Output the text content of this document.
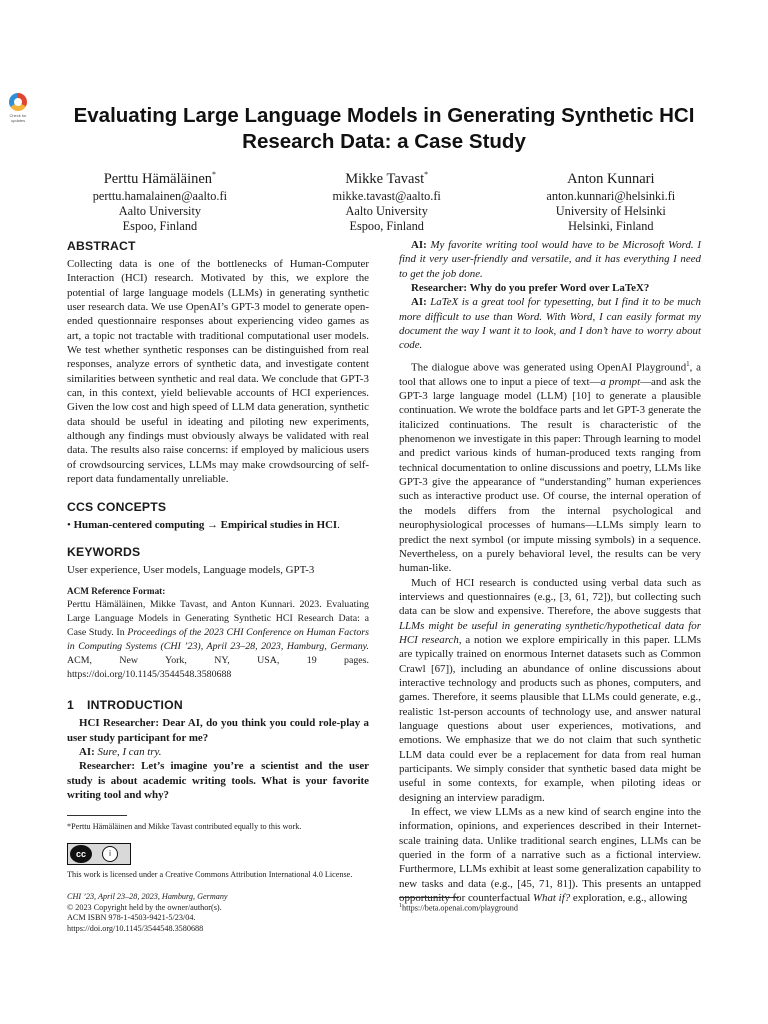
Check for updates	Evaluating Large Language Models in Generating Synthetic HCI Research Data: a Case Study
Perttu Hämäläinen*
perttu.hamalainen@aalto.fi
Aalto University
Espoo, Finland
Mikke Tavast*
mikke.tavast@aalto.fi
Aalto University
Espoo, Finland
Anton Kunnari
anton.kunnari@helsinki.fi
University of Helsinki
Helsinki, Finland
ABSTRACT

Collecting data is one of the bottlenecks of Human-Computer Interaction (HCI) research. Motivated by this, we explore the potential of large language models (LLMs) in generating synthetic user research data. We use OpenAI’s GPT-3 model to generate open-ended questionnaire responses about experiencing video games as art, a topic not tractable with traditional computational user models. We test whether synthetic responses can be distinguished from real responses, analyze errors of synthetic data, and investigate content similarities between synthetic and real data. We conclude that GPT-3 can, in this context, yield believable accounts of HCI experiences. Given the low cost and high speed of LLM data generation, synthetic data should be useful in ideating and piloting new experiments, although any findings must obviously always be validated with real data. The results also raise concerns: if employed by malicious users of crowdsourcing services, LLMs may make crowdsourcing of self-report data fundamentally unreliable.

CCS CONCEPTS

• Human-centered computing → Empirical studies in HCI.

KEYWORDS

User experience, User models, Language models, GPT-3

ACM Reference Format:
Perttu Hämäläinen, Mikke Tavast, and Anton Kunnari. 2023. Evaluating Large Language Models in Generating Synthetic HCI Research Data: a Case Study. In Proceedings of the 2023 CHI Conference on Human Factors in Computing Systems (CHI ’23), April 23–28, 2023, Hamburg, Germany. ACM, New York, NY, USA, 19 pages. https://doi.org/10.1145/3544548.3580688
1 INTRODUCTION

HCI Researcher: Dear AI, do you think you could role-play a user study participant for me?

AI: Sure, I can try.

Researcher: Let’s imagine you’re a scientist and the user study is about academic writing tools. What is your favorite writing tool and why?

*Perttu Hämäläinen and Mikke Tavast contributed equally to this work.

cc	i

This work is licensed under a Creative Commons Attribution International 4.0 License.

CHI ’23, April 23–28, 2023, Hamburg, Germany
© 2023 Copyright held by the owner/author(s).
ACM ISBN 978-1-4503-9421-5/23/04.
https://doi.org/10.1145/3544548.3580688

AI: My favorite writing tool would have to be Microsoft Word. I find it very user-friendly and versatile, and it has everything I need to get the job done.

Researcher: Why do you prefer Word over LaTeX?

AI: LaTeX is a great tool for typesetting, but I find it to be much more difficult to use than Word. With Word, I can easily format my document the way I want it to look, and I don’t have to worry about code.

The dialogue above was generated using OpenAI Playground$^1$, a tool that allows one to input a piece of text—a prompt—and ask the GPT-3 large language model (LLM) [10] to generate a plausible continuation. We wrote the boldface parts and let GPT-3 generate the italicized continuations. The result is characteristic of the phenomenon we investigate in this paper: Through learning to model and predict various kinds of human-produced texts ranging from technical documentation to online discussions and poetry, LLMs like GPT-3 give the appearance of “understanding” human experiences such as interactive product use. Of course, the internal operation of the models differs from the internal psychological and neurophysiological processes of humans—LLMs simply learn to predict the next symbol (or impute missing symbols) in a sequence. Nevertheless, on a purely behavioral level, the results can be very human-like.

Much of HCI research is conducted using verbal data such as interviews and questionnaires (e.g., [3, 61, 72]), but collecting such data can be slow and expensive. Therefore, the above suggests that LLMs might be useful in generating synthetic/hypothetical data for HCI research, a notion we explore empirically in this paper. LLMs are typically trained on enormous Internet datasets such as Common Crawl [67]), including an abundance of online discussions about interactive technology and products such as phones, computers, and games. Therefore, it seems plausible that LLMs could generate, e.g., realistic 1st-person accounts of technology use, and answer natural language questions about user experiences, motivations, and emotions. We emphasize that we do not claim that such synthetic LLM data could ever be a replacement for data from real human participants. We simply consider that synthetic based data might be useful in some contexts, for example, when piloting ideas or designing an interview paradigm.

In effect, we view LLMs as a new kind of search engine into the information, opinions, and experiences described in their Internet-scale training data. Unlike traditional search engines, LLMs can be queried in the form of a narrative such as a fictional interview. Furthermore, LLMs exhibit at least some generalization capability to new tasks and data (e.g., [45, 71, 81]). This presents an untapped opportunity for counterfactual What if? exploration, e.g., allowing

$^1$https://beta.openai.com/playground
